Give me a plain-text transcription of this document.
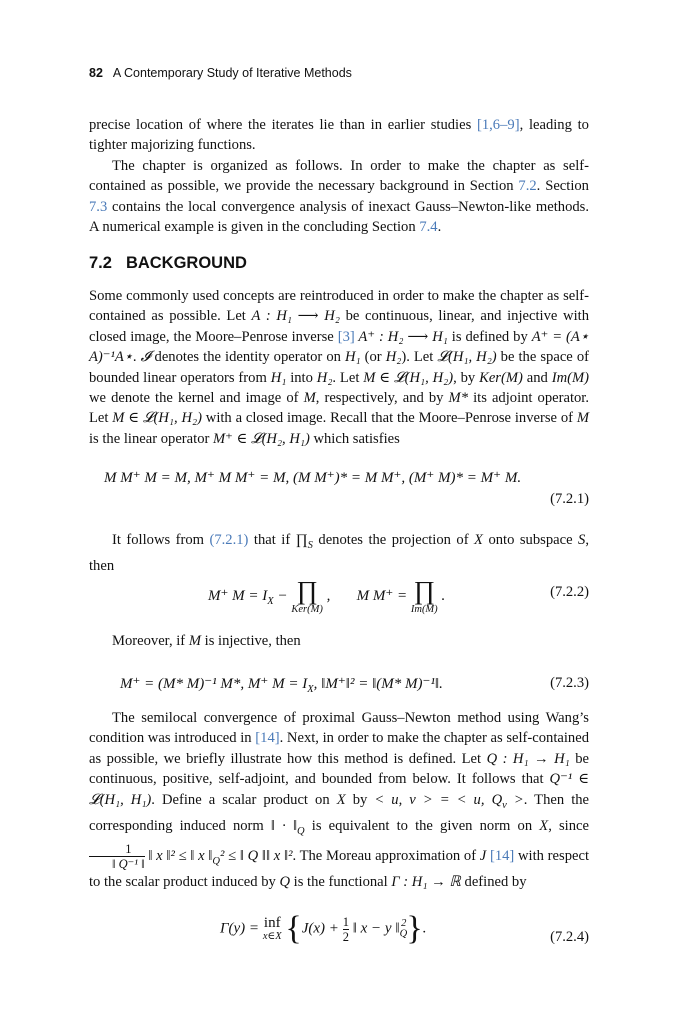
82 A Contemporary Study of Iterative Methods

precise location of where the iterates lie than in earlier studies [1,6–9], leading to tighter majorizing functions.

The chapter is organized as follows. In order to make the chapter as self-contained as possible, we provide the necessary background in Section 7.2. Section 7.3 contains the local convergence analysis of inexact Gauss–Newton-like methods. A numerical example is given in the concluding Section 7.4.

7.2 BACKGROUND

Some commonly used concepts are reintroduced in order to make the chapter as self-contained as possible. Let A : H₁ ⟶ H₂ be continuous, linear, and injective with closed image, the Moore–Penrose inverse [3] A⁺ : H₂ ⟶ H₁ is defined by A⁺ = (A⋆ A)⁻¹A⋆. 𝓘 denotes the identity operator on H₁ (or H₂). Let 𝓛(H₁, H₂) be the space of bounded linear operators from H₁ into H₂. Let M ∈ 𝓛(H₁, H₂), by Ker(M) and Im(M) we denote the kernel and image of M, respectively, and by M* its adjoint operator. Let M ∈ 𝓛(H₁, H₂) with a closed image. Recall that the Moore–Penrose inverse of M is the linear operator M⁺ ∈ 𝓛(H₂, H₁) which satisfies

M M⁺ M = M, M⁺ M M⁺ = M, (M M⁺)* = M M⁺, (M⁺ M)* = M⁺ M.
(7.2.1)

It follows from (7.2.1) that if $\prod_S$ denotes the projection of X onto subspace S, then

M⁺ $M = I_X$ − ∏
Ker(M)
, M M⁺ = ∏
Im(M)
.	(7.2.2)

Moreover, if M is injective, then

M⁺ = (M* M)⁻¹ M*, M⁺ $M = I_X$, ‖M⁺‖² = ‖(M* M)⁻¹‖.	(7.2.3)

The semilocal convergence of proximal Gauss–Newton method using Wang’s condition was introduced in [14]. Next, in order to make the chapter as self-contained as possible, we briefly illustrate how this method is defined. Let Q : H₁ → H₁ be continuous, positive, self-adjoint, and bounded from below. It follows that Q⁻¹ ∈ 𝓛(H₁, H₁). Define a scalar product on X by < u, v > = < u, $Q_v$ >. Then the corresponding induced norm ‖ · $‖_Q$ is equivalent to the given norm on X, since
$\frac{1}{\text{‖ Q⁻¹ ‖}}$ ‖ x ‖² ≤ ‖ x $‖_Q^2$ ≤ ‖ Q ‖‖ x ‖². The Moreau approximation of J [14] with respect to the scalar product induced by Q is the functional Γ : H₁ → ℝ defined by

Γ(y) = inf
x∈X {$J(x) + \frac{1}{2}$ ‖ x − y $‖_Q^2$}.
(7.2.4)
